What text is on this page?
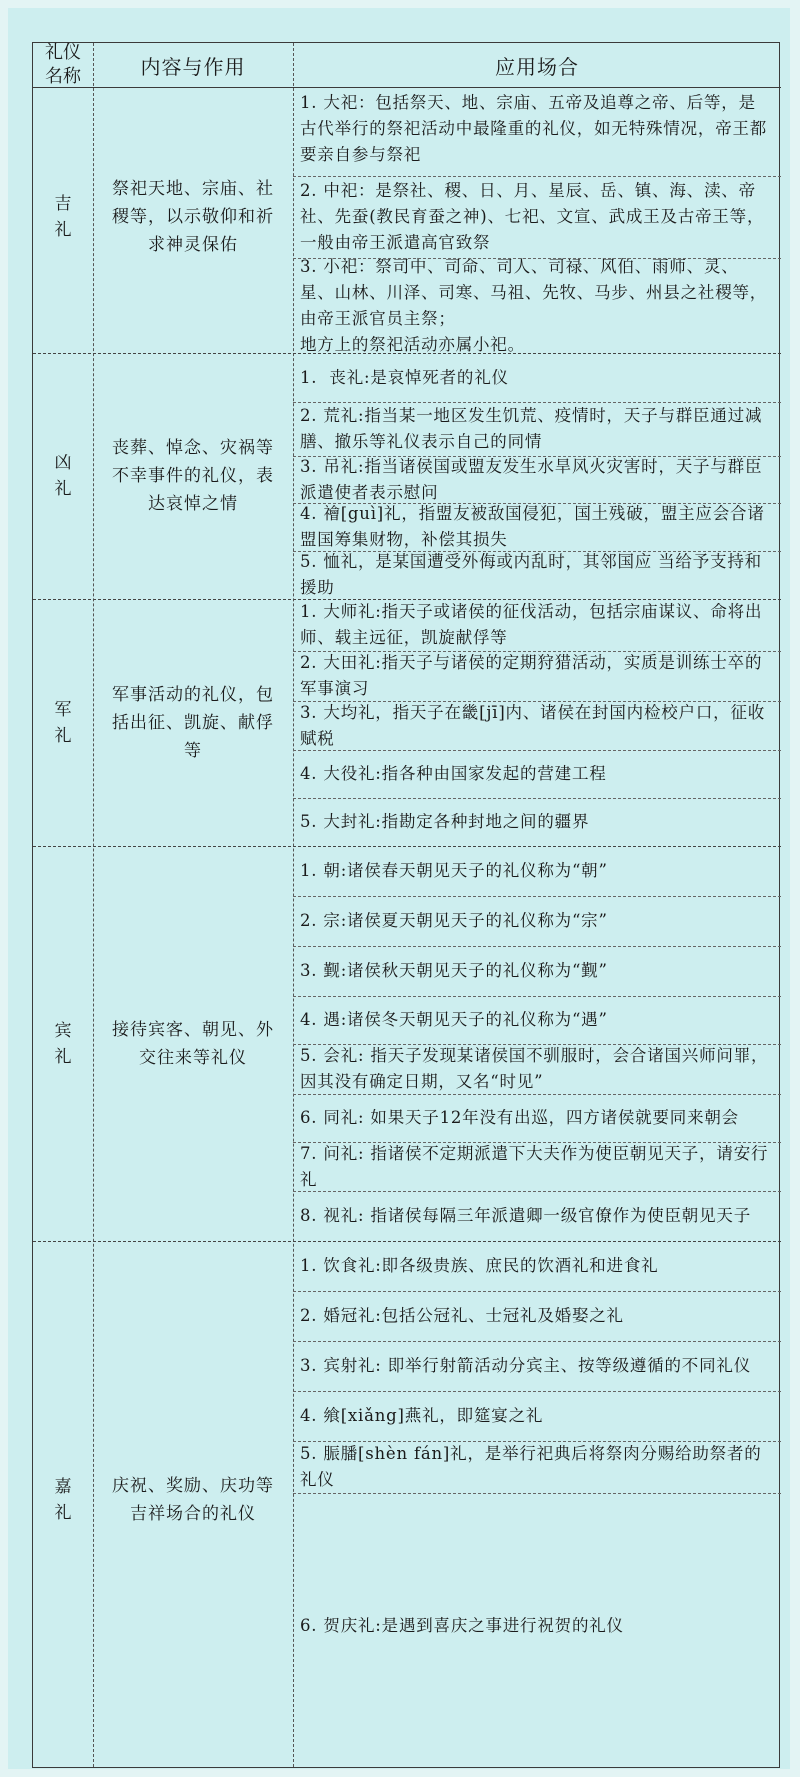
礼仪名称	内容与作用	应用场合
吉礼
祭祀天地、宗庙、社稷等，以示敬仰和祈求神灵保佑
1. 大祀：包括祭天、地、宗庙、五帝及追尊之帝、后等，是古代举行的祭祀活动中最隆重的礼仪，如无特殊情况，帝王都要亲自参与祭祀
2. 中祀：是祭社、稷、日、月、星辰、岳、镇、海、渎、帝社、先蚕(教民育蚕之神)、七祀、文宣、武成王及古帝王等，一般由帝王派遣高官致祭
3. 小祀：祭司中、司命、司人、司禄、风伯、雨师、灵、星、山林、川泽、司寒、马祖、先牧、马步、州县之社稷等，由帝王派官员主祭；
地方上的祭祀活动亦属小祀。
凶礼
丧葬、悼念、灾祸等不幸事件的礼仪，表达哀悼之情
1.  丧礼:是哀悼死者的礼仪
2. 荒礼:指当某一地区发生饥荒、疫情时，天子与群臣通过减膳、撤乐等礼仪表示自己的同情
3. 吊礼:指当诸侯国或盟友发生水旱风火灾害时，天子与群臣派遣使者表示慰问
4. 禬[guì]礼，指盟友被敌国侵犯，国土残破，盟主应会合诸盟国筹集财物，补偿其损失
5. 恤礼，是某国遭受外侮或内乱时，其邻国应 当给予支持和援助
军礼
军事活动的礼仪，包括出征、凯旋、献俘等
1. 大师礼:指天子或诸侯的征伐活动，包括宗庙谋议、命将出师、载主远征，凯旋献俘等
2. 大田礼:指天子与诸侯的定期狩猎活动，实质是训练士卒的军事演习
3. 大均礼，指天子在畿[jī]内、诸侯在封国内检校户口，征收赋税
4. 大役礼:指各种由国家发起的营建工程
5. 大封礼:指勘定各种封地之间的疆界
宾礼
接待宾客、朝见、外交往来等礼仪
1. 朝:诸侯春天朝见天子的礼仪称为“朝”
2. 宗:诸侯夏天朝见天子的礼仪称为“宗”
3. 觐:诸侯秋天朝见天子的礼仪称为“觐”
4. 遇:诸侯冬天朝见天子的礼仪称为“遇”
5. 会礼: 指天子发现某诸侯国不驯服时，会合诸国兴师问罪，因其没有确定日期，又名“时见”
6. 同礼: 如果天子12年没有出巡，四方诸侯就要同来朝会
7. 问礼: 指诸侯不定期派遣下大夫作为使臣朝见天子，请安行礼
8. 视礼: 指诸侯每隔三年派遣卿一级官僚作为使臣朝见天子
嘉礼
庆祝、奖励、庆功等吉祥场合的礼仪
1. 饮食礼:即各级贵族、庶民的饮酒礼和进食礼
2. 婚冠礼:包括公冠礼、士冠礼及婚娶之礼
3. 宾射礼: 即举行射箭活动分宾主、按等级遵循的不同礼仪
4. 飨[xiǎng]燕礼，即筵宴之礼
5. 脤膰[shèn fán]礼，是举行祀典后将祭肉分赐给助祭者的礼仪
6. 贺庆礼:是遇到喜庆之事进行祝贺的礼仪
